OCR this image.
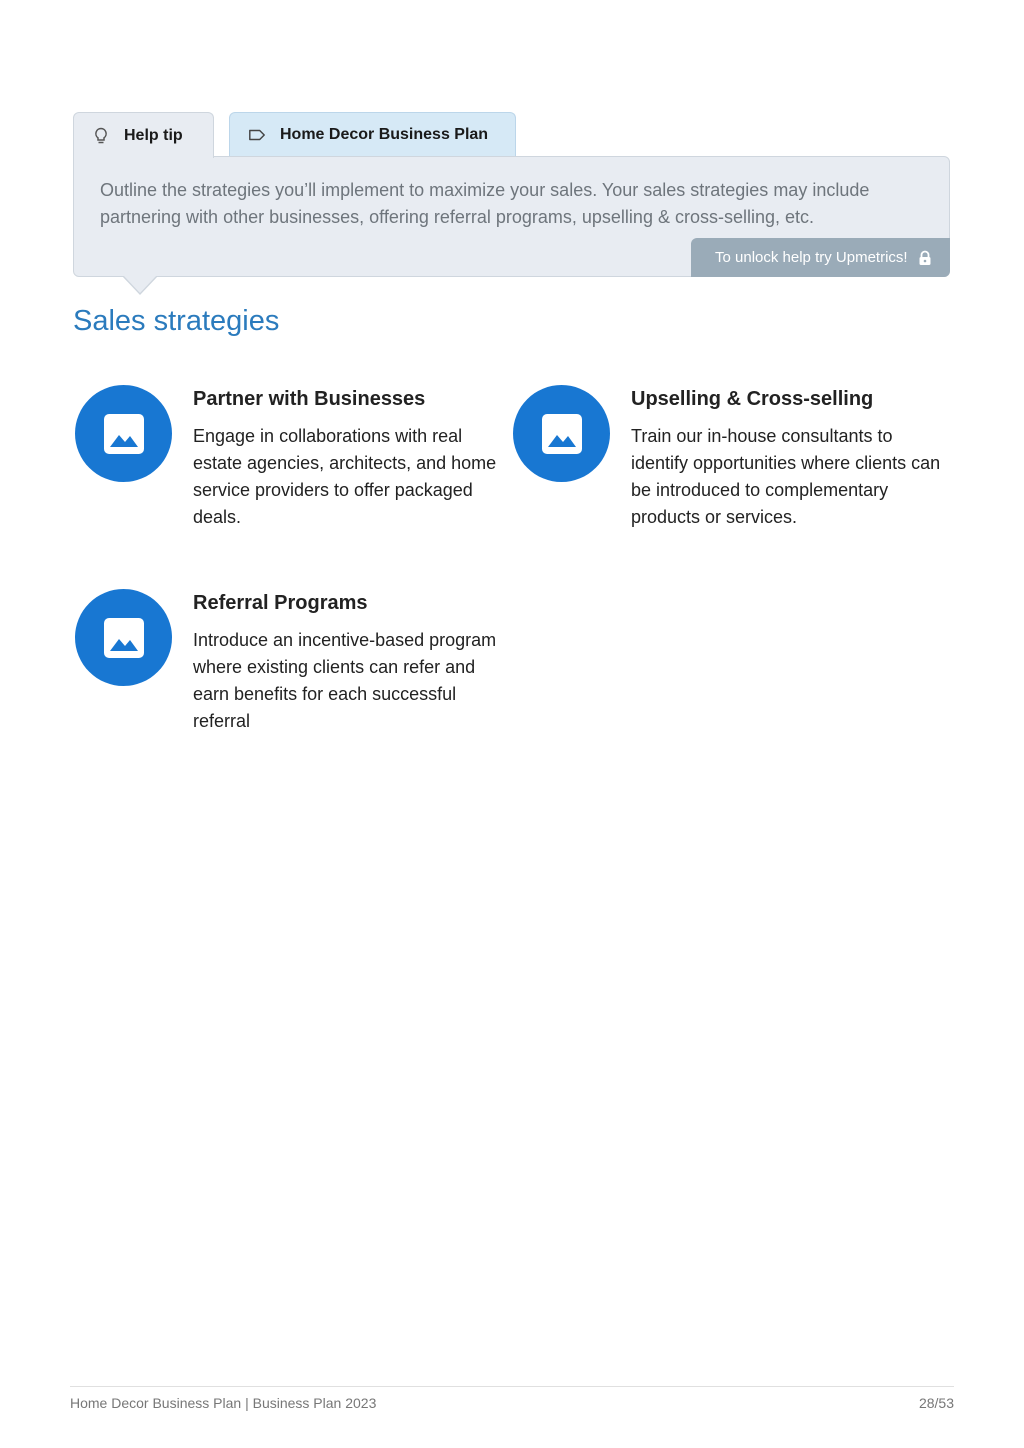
Help tip	Home Decor Business Plan
Outline the strategies you’ll implement to maximize your sales. Your sales strategies may include partnering with other businesses, offering referral programs, upselling & cross-selling, etc.
To unlock help try Upmetrics!
Sales strategies
Partner with Businesses

Engage in collaborations with real estate agencies, architects, and home service providers to offer packaged deals.

Upselling & Cross-selling

Train our in-house consultants to identify opportunities where clients can be introduced to complementary products or services.

Referral Programs

Introduce an incentive-based program where existing clients can refer and earn benefits for each successful referral

Home Decor Business Plan | Business Plan 2023	28/53
